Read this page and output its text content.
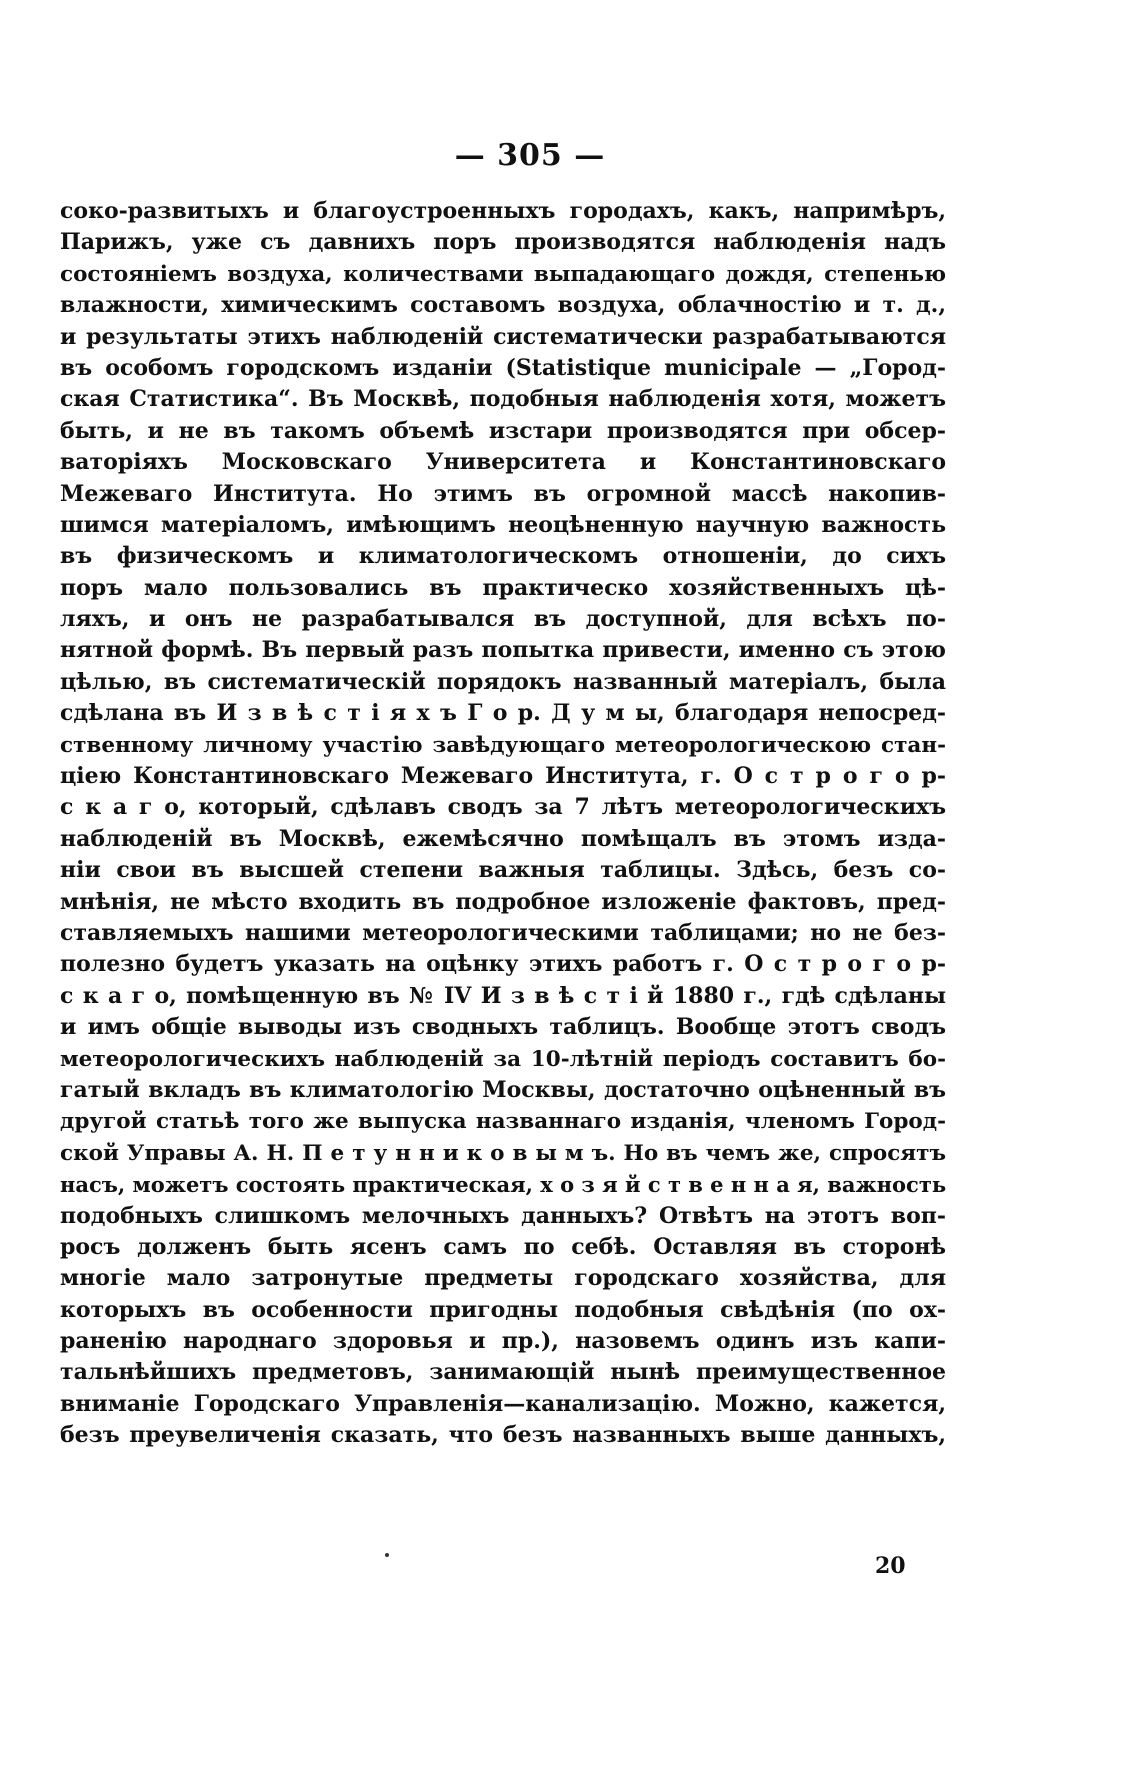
— 305 —
соко-развитыхъ и благоустроенныхъ городахъ, какъ, напримѣръ,
Парижъ, уже съ давнихъ поръ производятся наблюденія надъ
состояніемъ воздуха, количествами выпадающаго дождя, степенью
влажности, химическимъ составомъ воздуха, облачностію и т. д.,
и результаты этихъ наблюденій систематически разрабатываются
въ особомъ городскомъ изданіи (Statistique municipale — „Город-
ская Статистика“. Въ Москвѣ, подобныя наблюденія хотя, можетъ
быть, и не въ такомъ объемѣ изстари производятся при обсер-
ваторіяхъ Московскаго Университета и Константиновскаго
Межеваго Института. Но этимъ въ огромной массѣ накопив-
шимся матеріаломъ, имѣющимъ неоцѣненную научную важность
въ физическомъ и климатологическомъ отношеніи, до сихъ
поръ мало пользовались въ практическо хозяйственныхъ цѣ-
ляхъ, и онъ не разрабатывался въ доступной, для всѣхъ по-
нятной формѣ. Въ первый разъ попытка привести, именно съ этою
цѣлью, въ систематическій порядокъ названный матеріалъ, была
сдѣлана въ И з в ѣ с т і я х ъ Г о р. Д у м ы, благодаря непосред-
ственному личному участію завѣдующаго метеорологическою стан-
ціею Константиновскаго Межеваго Института, г. О с т р о г о р-
с к а г о, который, сдѣлавъ сводъ за 7 лѣтъ метеорологическихъ
наблюденій въ Москвѣ, ежемѣсячно помѣщалъ въ этомъ изда-
ніи свои въ высшей степени важныя таблицы. Здѣсь, безъ со-
мнѣнія, не мѣсто входить въ подробное изложеніе фактовъ, пред-
ставляемыхъ нашими метеорологическими таблицами; но не без-
полезно будетъ указать на оцѣнку этихъ работъ г. О с т р о г о р-
с к а г о, помѣщенную въ № IV И з в ѣ с т і й 1880 г., гдѣ сдѣланы
и имъ общіе выводы изъ сводныхъ таблицъ. Вообще этотъ сводъ
метеорологическихъ наблюденій за 10-лѣтній періодъ составитъ бо-
гатый вкладъ въ климатологію Москвы, достаточно оцѣненный въ
другой статьѣ того же выпуска названнаго изданія, членомъ Город-
ской Управы А. Н. П е т у н н и к о в ы м ъ. Но въ чемъ же, спросятъ
насъ, можетъ состоять практическая, х о з я й с т в е н н а я, важность
подобныхъ слишкомъ мелочныхъ данныхъ? Отвѣтъ на этотъ воп-
росъ долженъ быть ясенъ самъ по себѣ. Оставляя въ сторонѣ
многіе мало затронутые предметы городскаго хозяйства, для
которыхъ въ особенности пригодны подобныя свѣдѣнія (по ох-
раненію народнаго здоровья и пр.), назовемъ одинъ изъ капи-
тальнѣйшихъ предметовъ, занимающій нынѣ преимущественное
вниманіе Городскаго Управленія—канализацію. Можно, кажется,
безъ преувеличенія сказать, что безъ названныхъ выше данныхъ,
20
